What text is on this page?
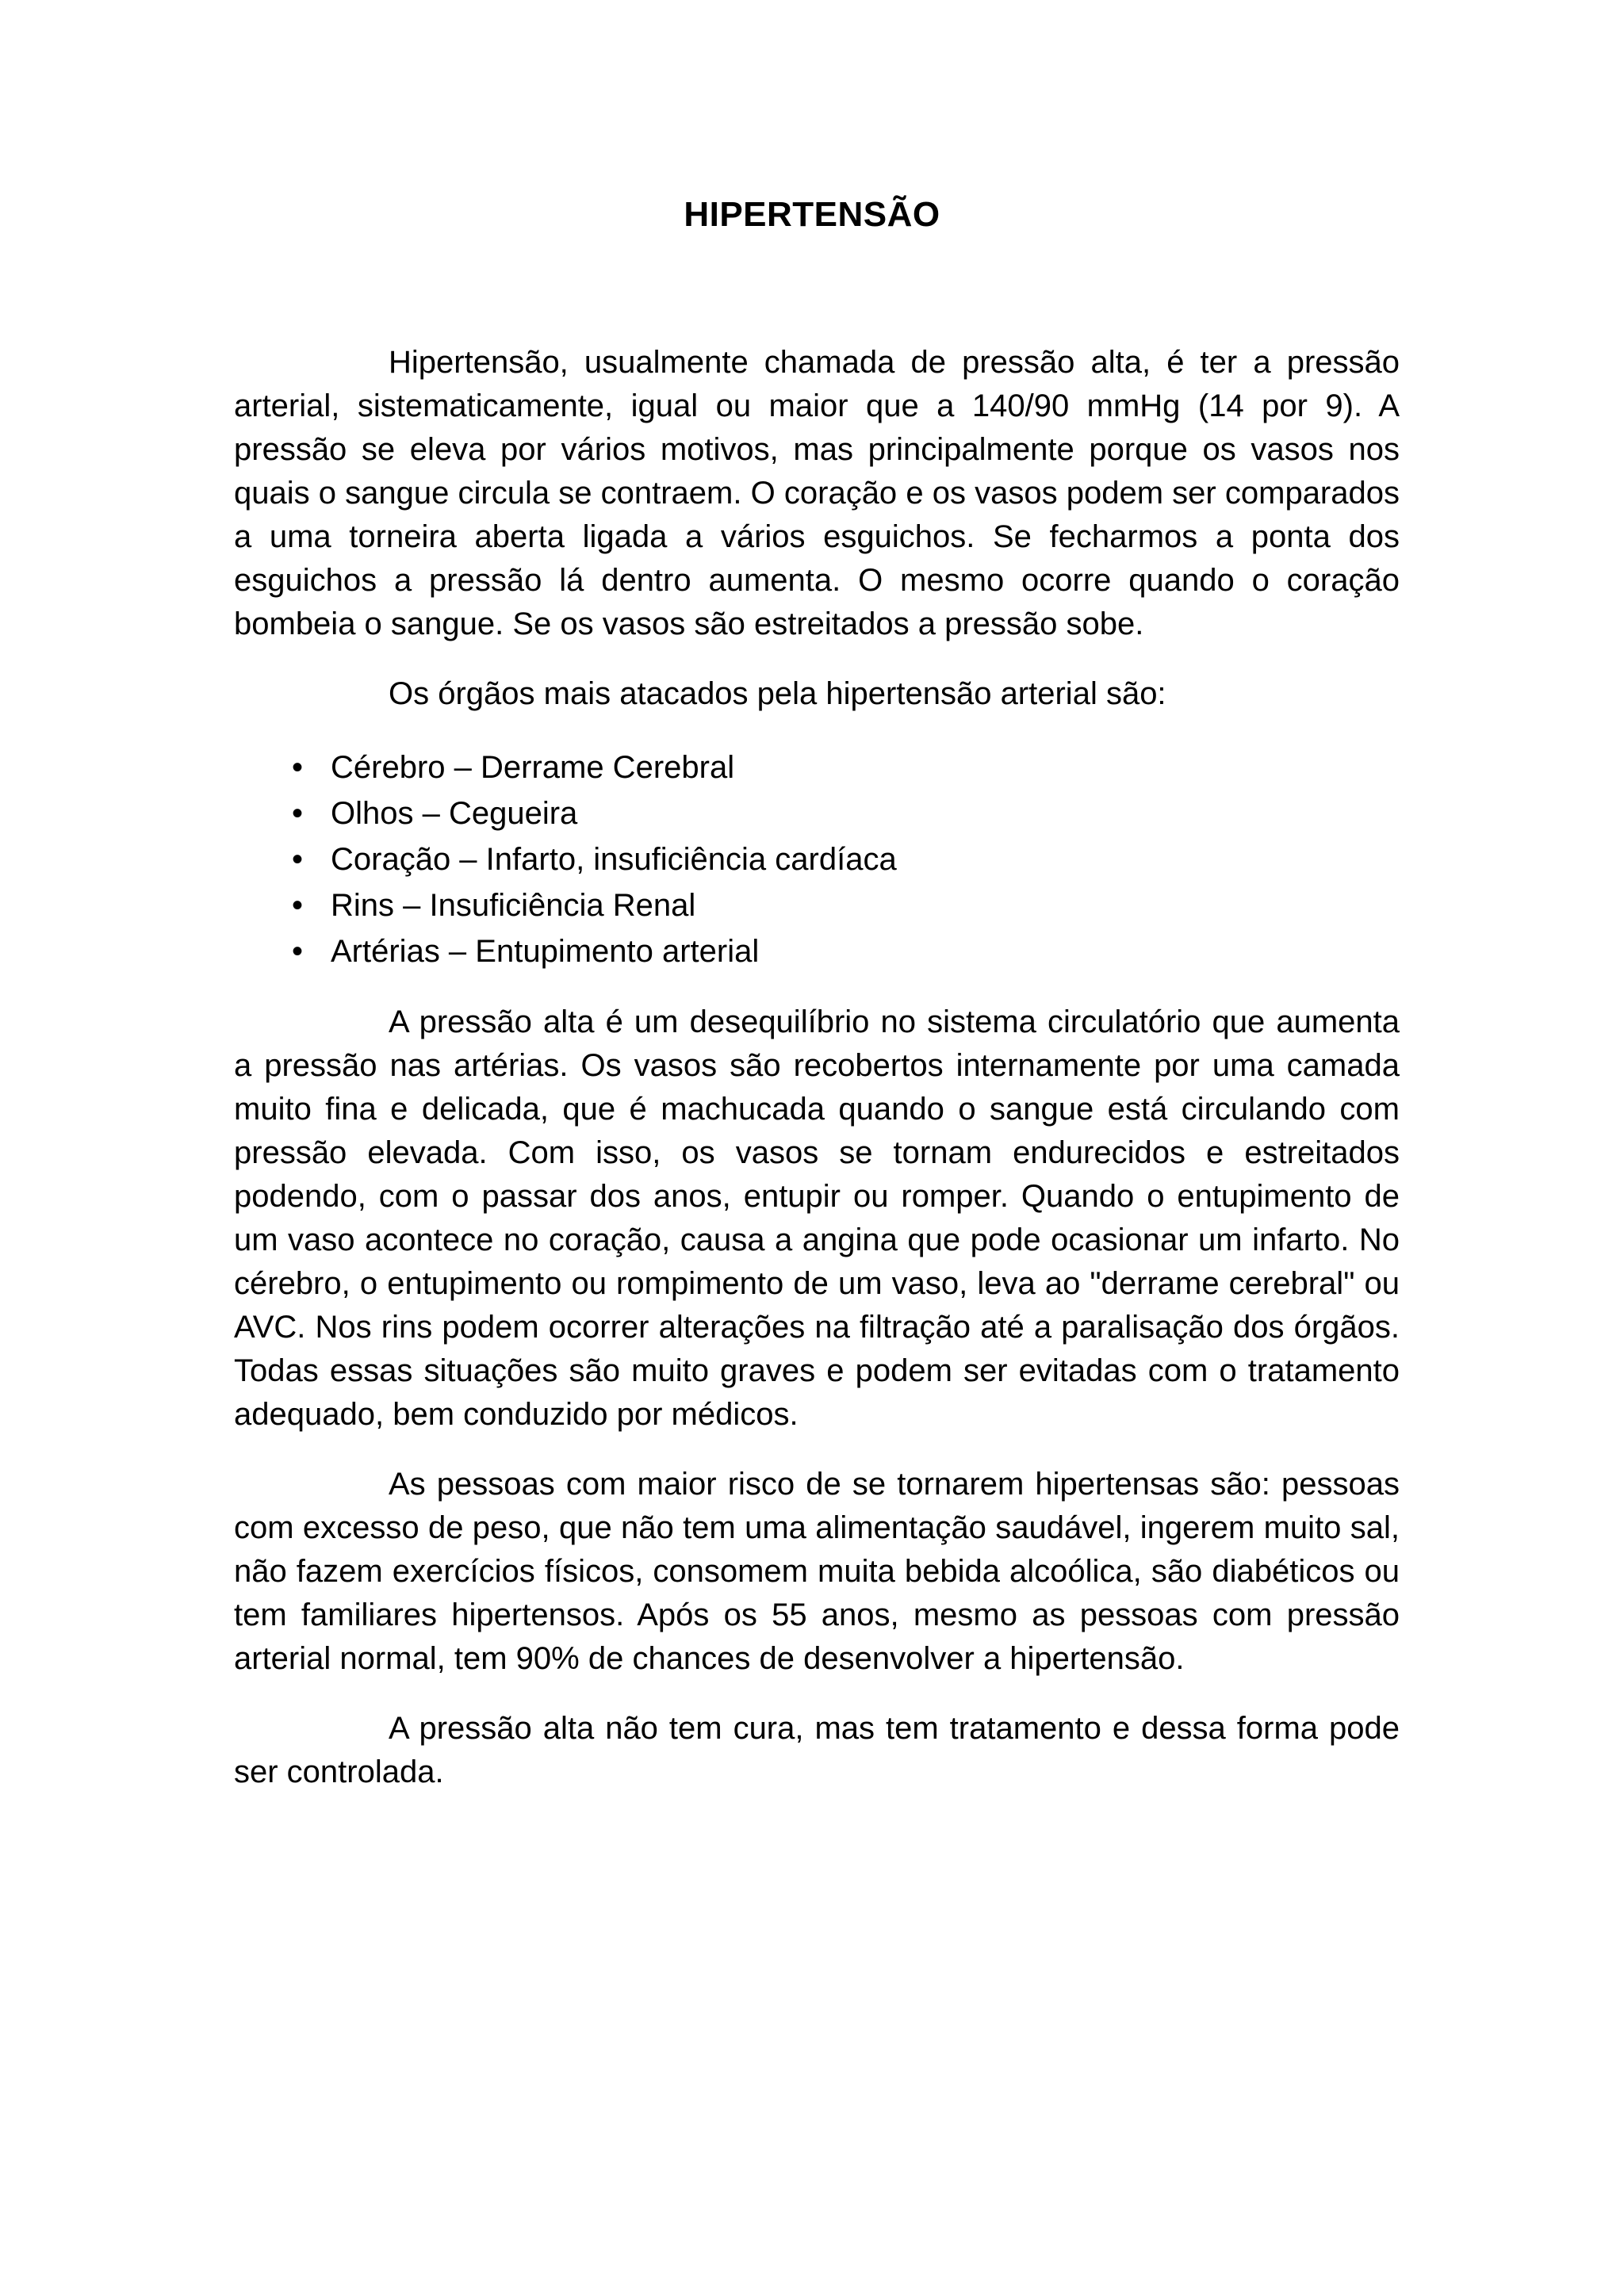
HIPERTENSÃO

Hipertensão, usualmente chamada de pressão alta, é ter a pressão arterial, sistematicamente, igual ou maior que a 140/90 mmHg (14 por 9). A pressão se eleva por vários motivos, mas principalmente porque os vasos nos quais o sangue circula se contraem. O coração e os vasos podem ser comparados a uma torneira aberta ligada a vários esguichos. Se fecharmos a ponta dos esguichos a pressão lá dentro aumenta. O mesmo ocorre quando o coração bombeia o sangue. Se os vasos são estreitados a pressão sobe.

Os órgãos mais atacados pela hipertensão arterial são:

• Cérebro – Derrame Cerebral
• Olhos – Cegueira
• Coração – Infarto, insuficiência cardíaca
• Rins – Insuficiência Renal
• Artérias – Entupimento arterial

A pressão alta é um desequilíbrio no sistema circulatório que aumenta a pressão nas artérias. Os vasos são recobertos internamente por uma camada muito fina e delicada, que é machucada quando o sangue está circulando com pressão elevada. Com isso, os vasos se tornam endurecidos e estreitados podendo, com o passar dos anos, entupir ou romper. Quando o entupimento de um vaso acontece no coração, causa a angina que pode ocasionar um infarto. No cérebro, o entupimento ou rompimento de um vaso, leva ao "derrame cerebral" ou AVC. Nos rins podem ocorrer alterações na filtração até a paralisação dos órgãos. Todas essas situações são muito graves e podem ser evitadas com o tratamento adequado, bem conduzido por médicos.

As pessoas com maior risco de se tornarem hipertensas são: pessoas com excesso de peso, que não tem uma alimentação saudável, ingerem muito sal, não fazem exercícios físicos, consomem muita bebida alcoólica, são diabéticos ou tem familiares hipertensos. Após os 55 anos, mesmo as pessoas com pressão arterial normal, tem 90% de chances de desenvolver a hipertensão.

A pressão alta não tem cura, mas tem tratamento e dessa forma pode ser controlada.
